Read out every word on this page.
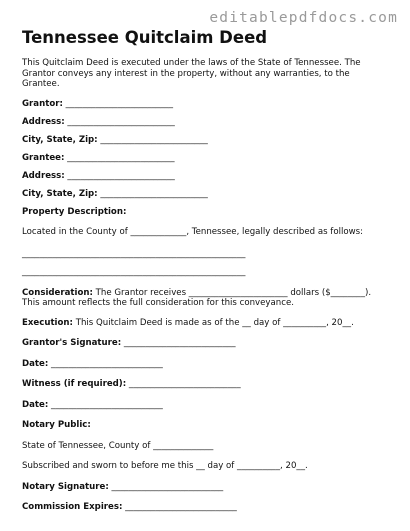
editablepdfdocs.com
Tennessee Quitclaim Deed
This Quitclaim Deed is executed under the laws of the State of Tennessee. The Grantor conveys any interest in the property, without any warranties, to the Grantee.
Grantor: _________________________
Address: _________________________
City, State, Zip: _________________________
Grantee: _________________________
Address: _________________________
City, State, Zip: _________________________
Property Description:
Located in the County of _____________, Tennessee, legally described as follows:
____________________________________________________
____________________________________________________
Consideration: The Grantor receives _______________________ dollars ($________). This amount reflects the full consideration for this conveyance.
Execution: This Quitclaim Deed is made as of the __ day of __________, 20__.
Grantor's Signature: __________________________
Date: __________________________
Witness (if required): __________________________
Date: __________________________
Notary Public:
State of Tennessee, County of ______________
Subscribed and sworn to before me this __ day of __________, 20__.
Notary Signature: __________________________
Commission Expires: __________________________
